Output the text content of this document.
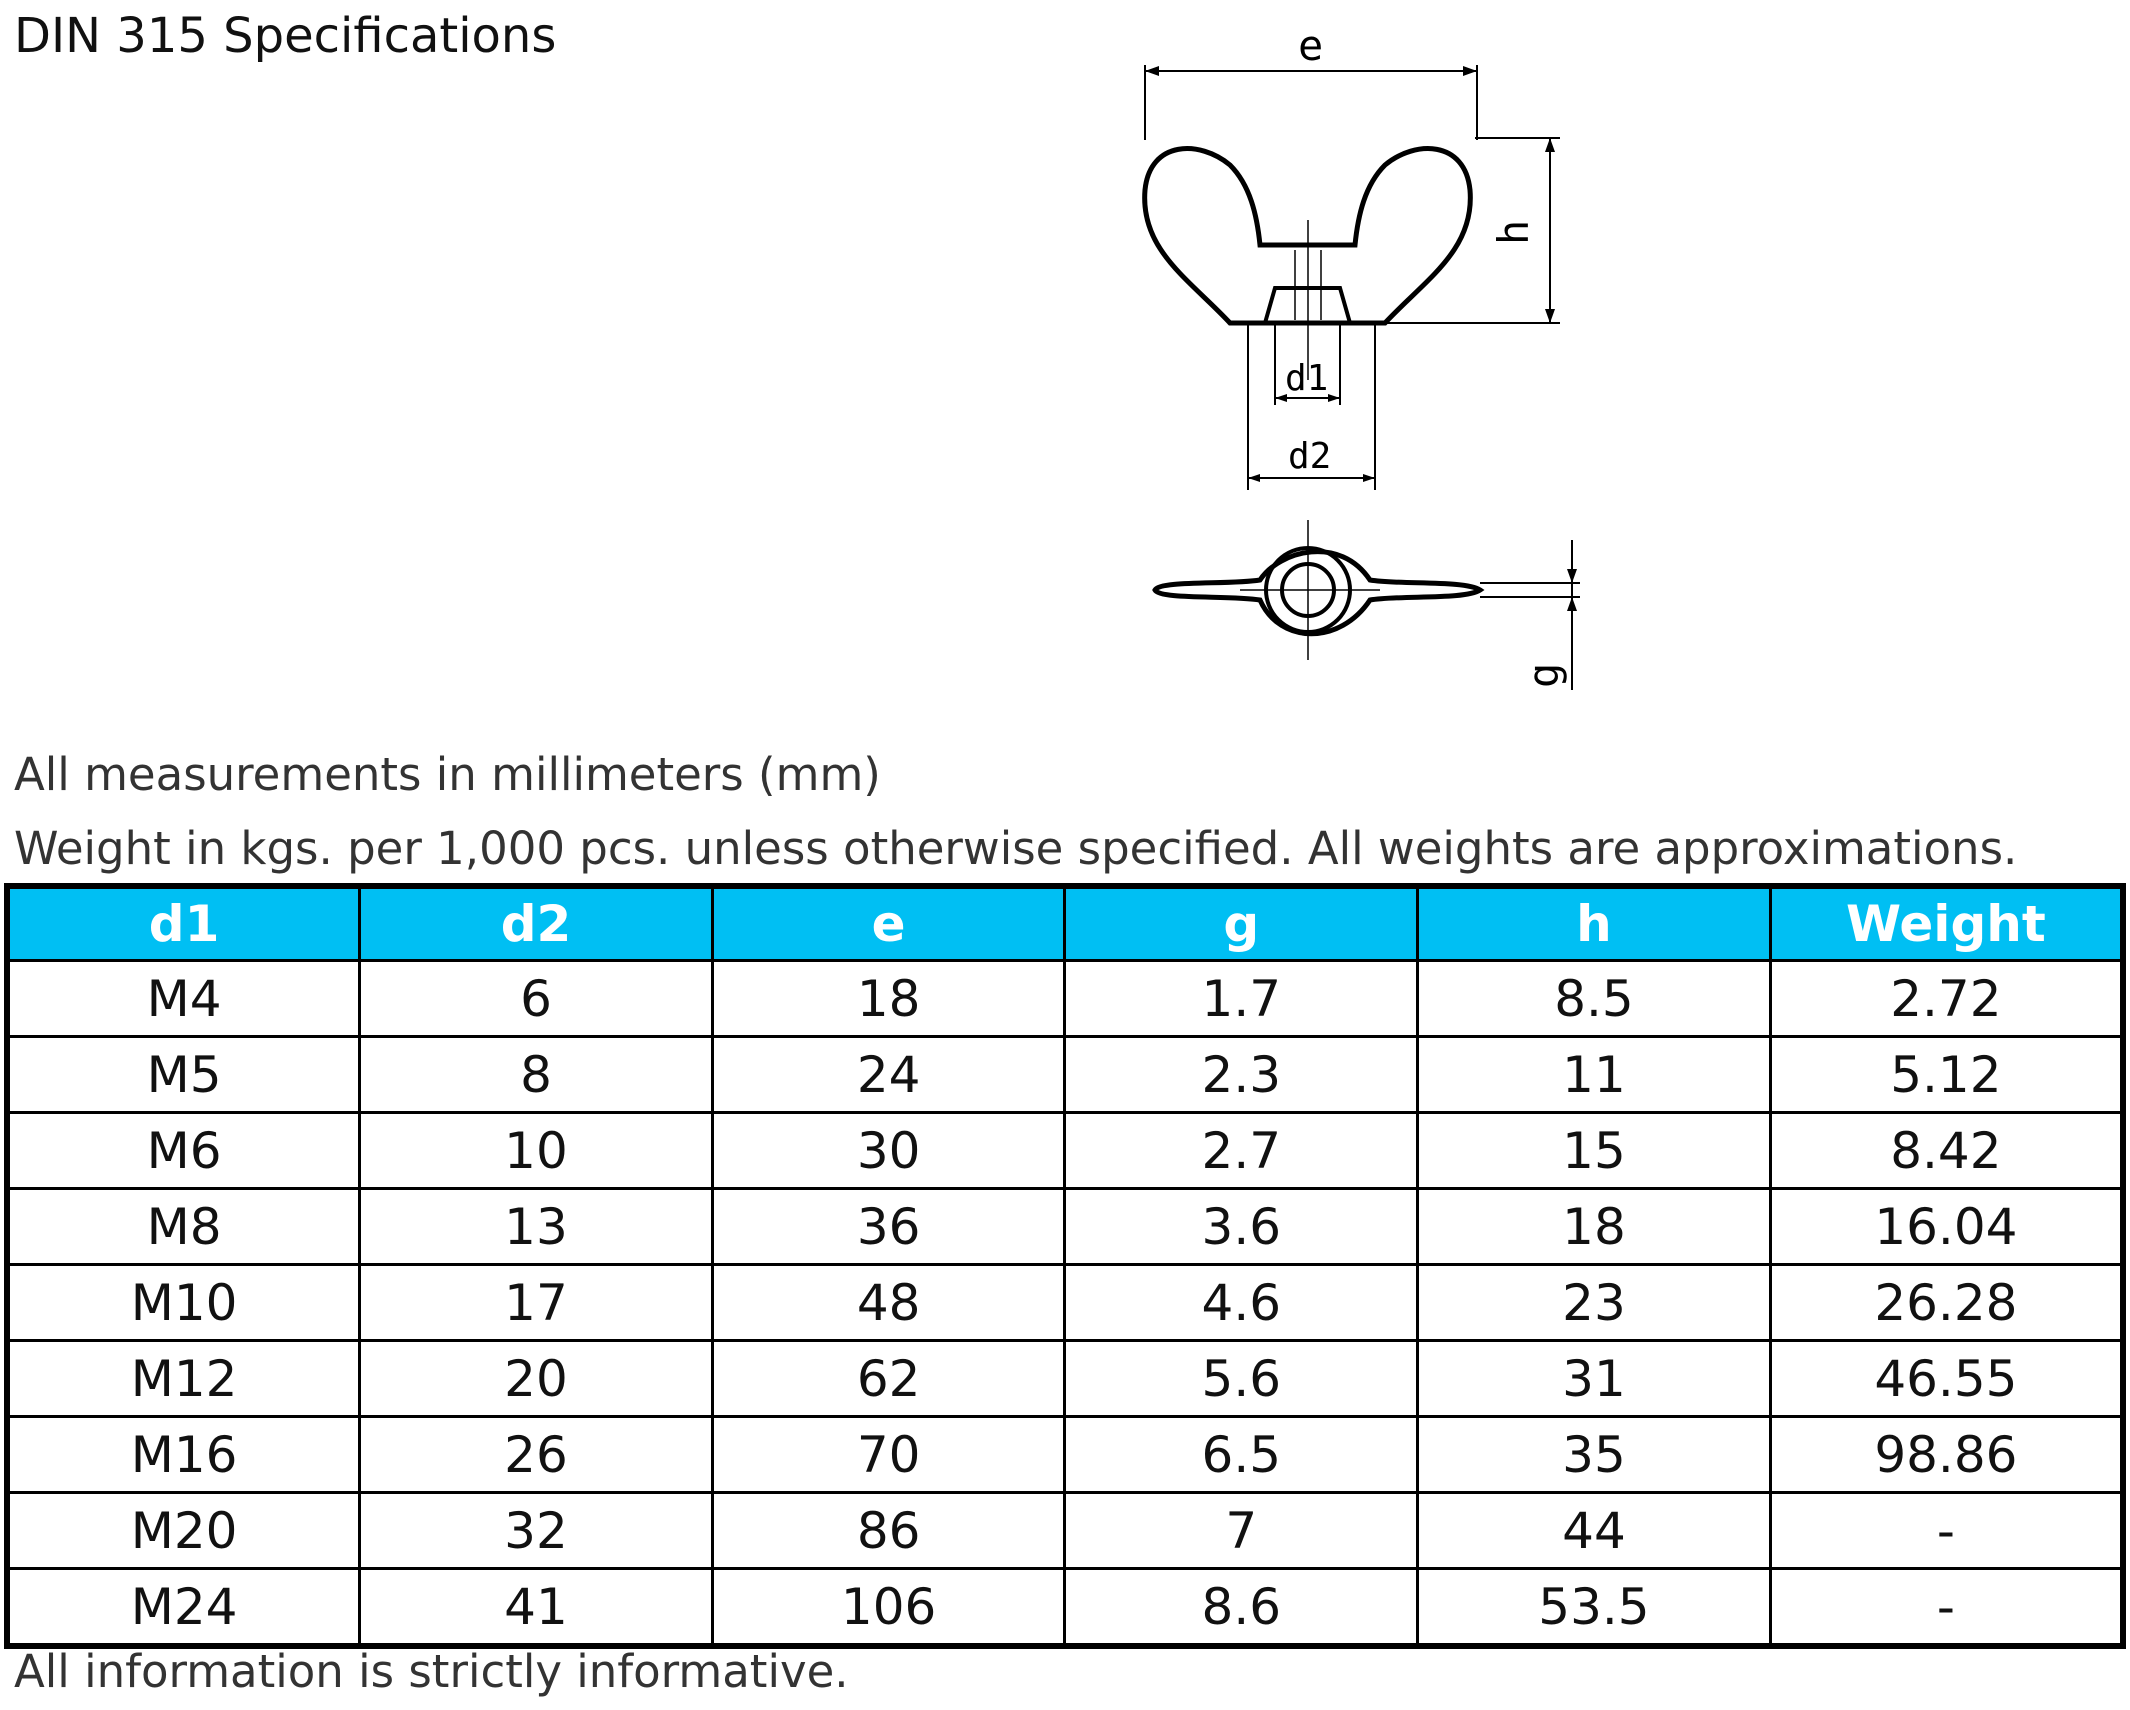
DIN 315 Specifications	e
h
d1
d2
g
All measurements in millimeters (mm)
Weight in kgs. per 1,000 pcs. unless otherwise specified. All weights are approximations.
d1	d2	e	g	h	Weight
M4	6	18	1.7	8.5	2.72
M5	8	24	2.3	11	5.12
M6	10	30	2.7	15	8.42
M8	13	36	3.6	18	16.04
M10	17	48	4.6	23	26.28
M12	20	62	5.6	31	46.55
M16	26	70	6.5	35	98.86
M20	32	86	7	44	-
M24	41	106	8.6	53.5	-
All information is strictly informative.
